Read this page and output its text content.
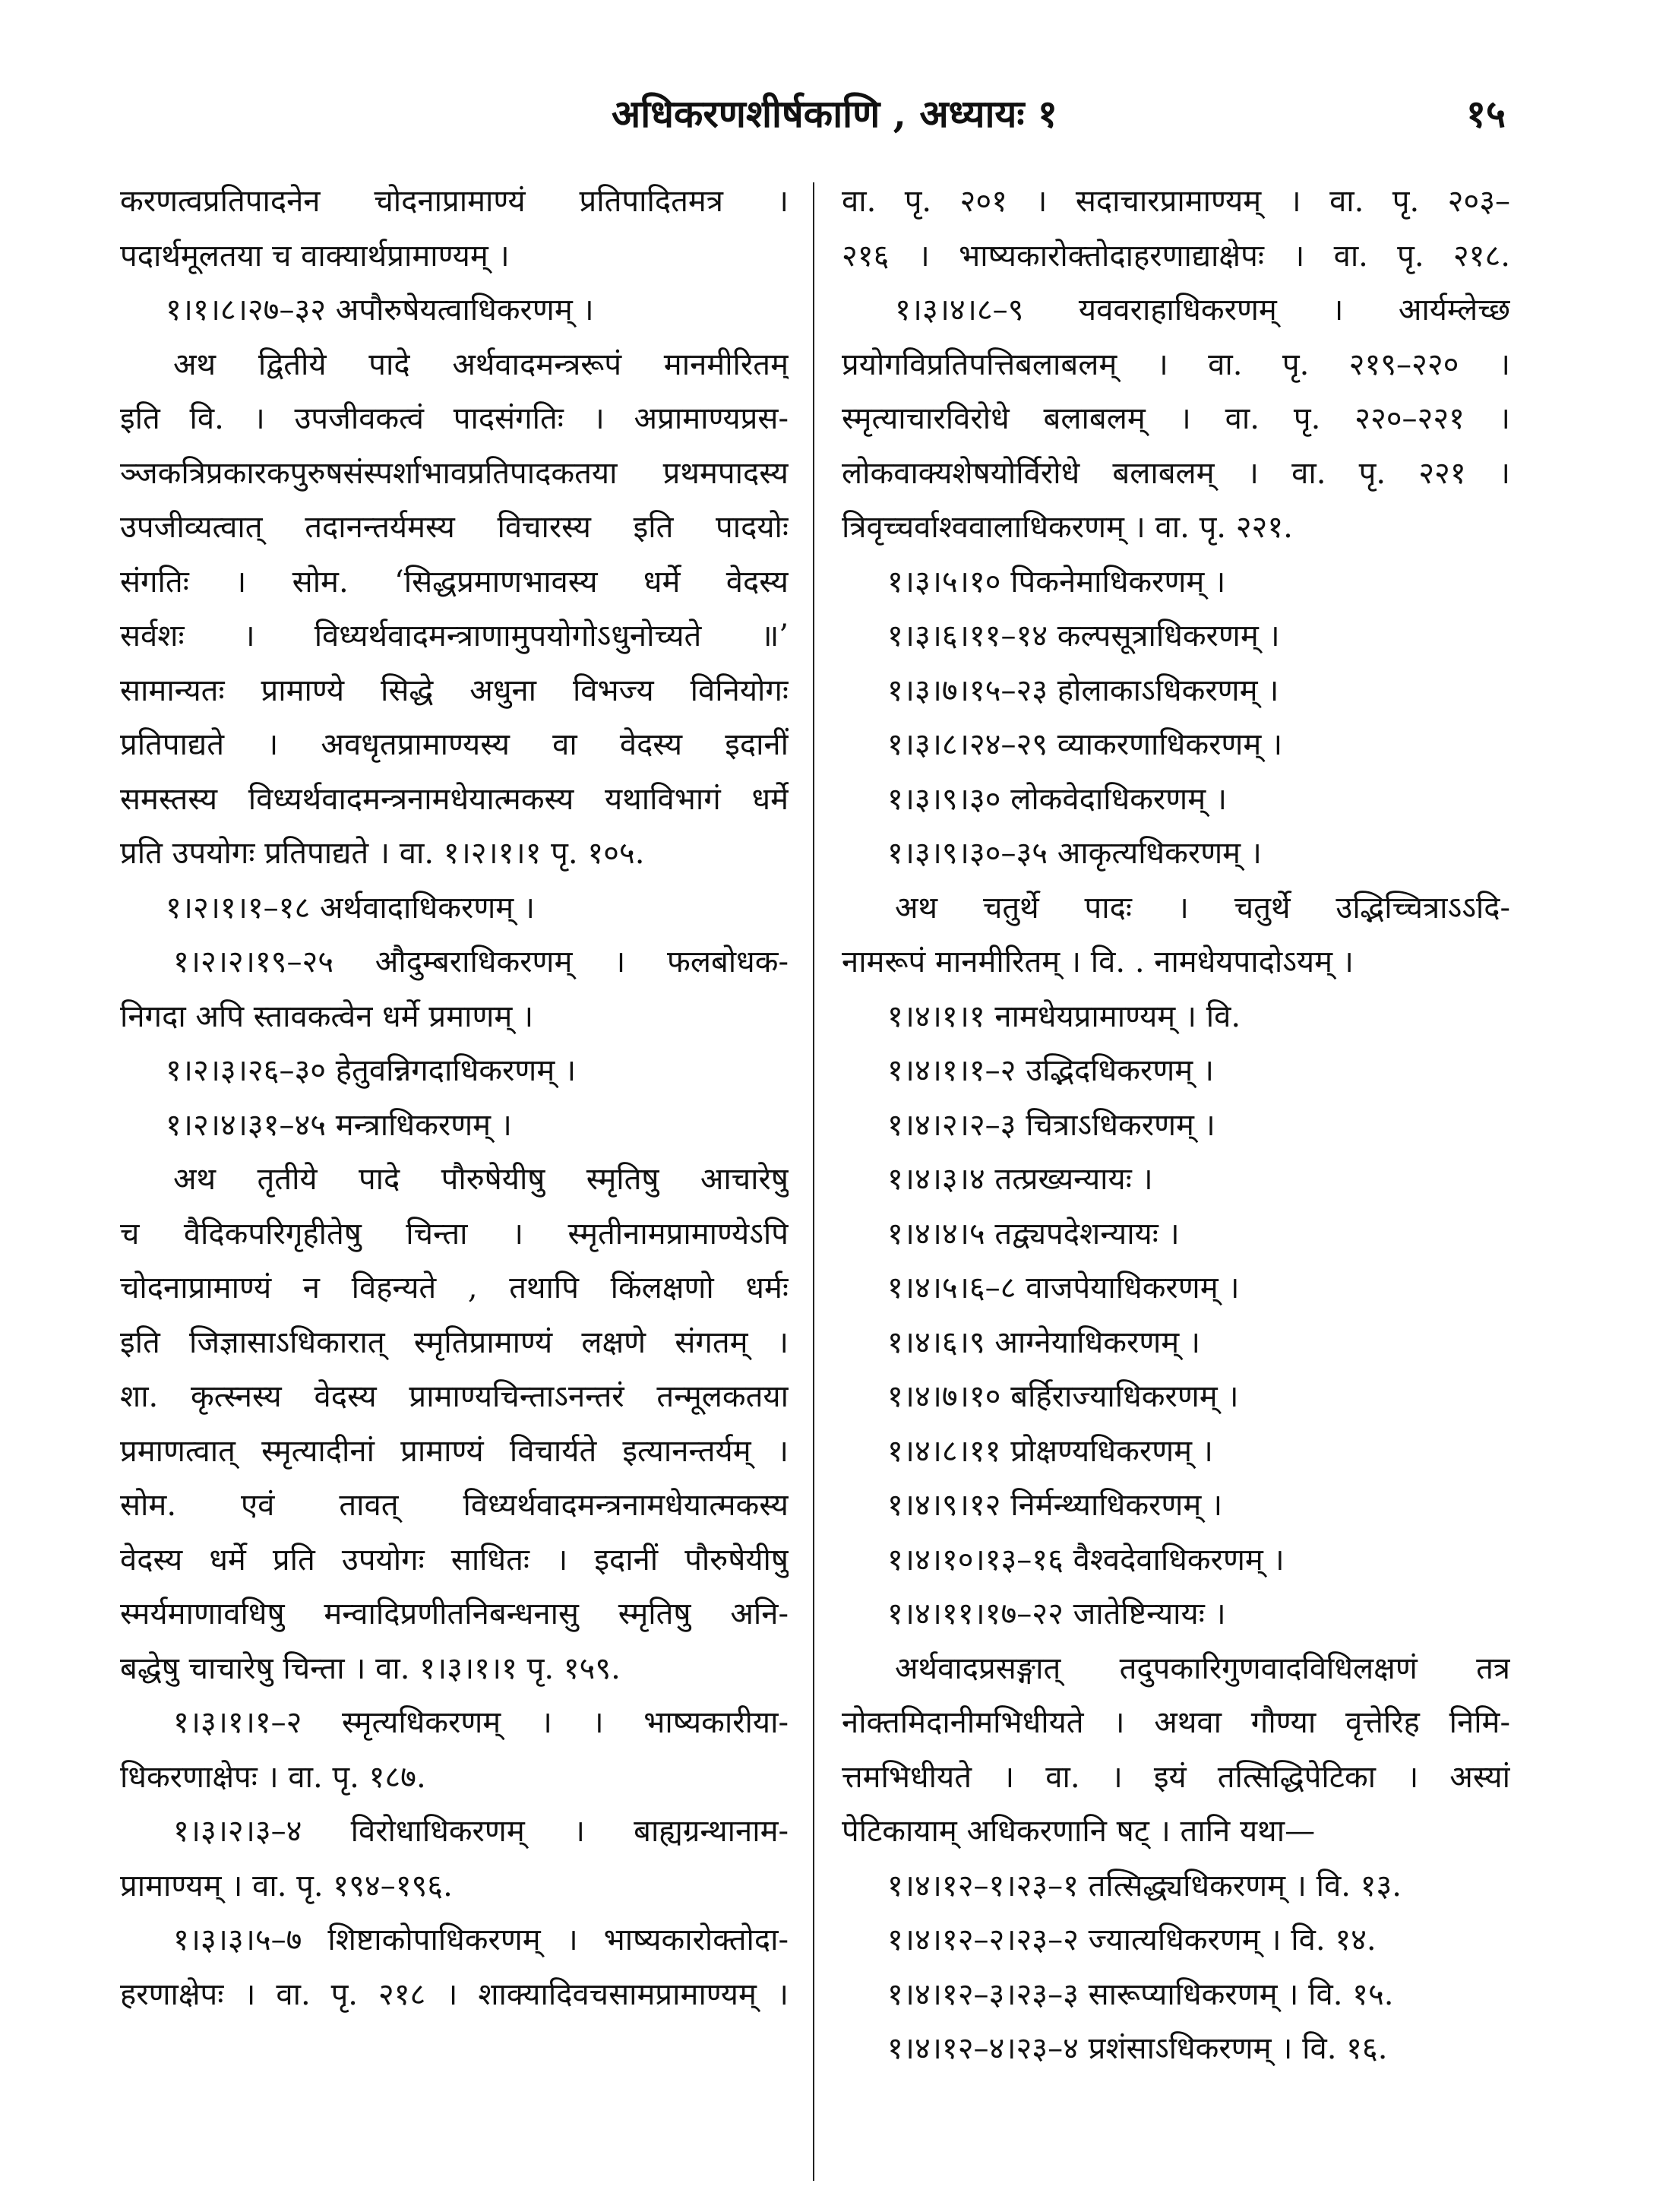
अधिकरणशीर्षकाणि , अध्यायः १	१५
करणत्वप्रतिपादनेन चोदनाप्रामाण्यं प्रतिपादितमत्र ।
पदार्थमूलतया च वाक्यार्थप्रामाण्यम् ।
१।१।८।२७–३२ अपौरुषेयत्वाधिकरणम् ।
अथ द्वितीये पादे अर्थवादमन्त्ररूपं मानमीरितम्
इति वि. । उपजीवकत्वं पादसंगतिः । अप्रामाण्यप्रस-
ञ्जकत्रिप्रकारकपुरुषसंस्पर्शाभावप्रतिपादकतया प्रथमपादस्य
उपजीव्यत्वात् तदानन्तर्यमस्य विचारस्य इति पादयोः
संगतिः । सोम. ‘सिद्धप्रमाणभावस्य धर्मे वेदस्य
सर्वशः । विध्यर्थवादमन्त्राणामुपयोगोऽधुनोच्यते ॥’
सामान्यतः प्रामाण्ये सिद्धे अधुना विभज्य विनियोगः
प्रतिपाद्यते । अवधृतप्रामाण्यस्य वा वेदस्य इदानीं
समस्तस्य विध्यर्थवादमन्त्रनामधेयात्मकस्य यथाविभागं धर्मे
प्रति उपयोगः प्रतिपाद्यते । वा. १।२।१।१ पृ. १०५.
१।२।१।१–१८ अर्थवादाधिकरणम् ।
१।२।२।१९–२५ औदुम्बराधिकरणम् । फलबोधक-
निगदा अपि स्तावकत्वेन धर्मे प्रमाणम् ।
१।२।३।२६–३० हेतुवन्निगदाधिकरणम् ।
१।२।४।३१–४५ मन्त्राधिकरणम् ।
अथ तृतीये पादे पौरुषेयीषु स्मृतिषु आचारेषु
च वैदिकपरिगृहीतेषु चिन्ता । स्मृतीनामप्रामाण्येऽपि
चोदनाप्रामाण्यं न विहन्यते , तथापि किंलक्षणो धर्मः
इति जिज्ञासाऽधिकारात् स्मृतिप्रामाण्यं लक्षणे संगतम् ।
शा. कृत्स्नस्य वेदस्य प्रामाण्यचिन्ताऽनन्तरं तन्मूलकतया
प्रमाणत्वात् स्मृत्यादीनां प्रामाण्यं विचार्यते इत्यानन्तर्यम् ।
सोम. एवं तावत् विध्यर्थवादमन्त्रनामधेयात्मकस्य
वेदस्य धर्मे प्रति उपयोगः साधितः । इदानीं पौरुषेयीषु
स्मर्यमाणावधिषु मन्वादिप्रणीतनिबन्धनासु स्मृतिषु अनि-
बद्धेषु चाचारेषु चिन्ता । वा. १।३।१।१ पृ. १५९.
१।३।१।१–२ स्मृत्यधिकरणम् । । भाष्यकारीया-
धिकरणाक्षेपः । वा. पृ. १८७.
१।३।२।३–४ विरोधाधिकरणम् । बाह्यग्रन्थानाम-
प्रामाण्यम् । वा. पृ. १९४–१९६.
१।३।३।५–७ शिष्टाकोपाधिकरणम् । भाष्यकारोक्तोदा-
हरणाक्षेपः । वा. पृ. २१८ । शाक्यादिवचसामप्रामाण्यम् ।
वा. पृ. २०१ । सदाचारप्रामाण्यम् । वा. पृ. २०३–
२१६ । भाष्यकारोक्तोदाहरणाद्याक्षेपः । वा. पृ. २१८.
१।३।४।८–९ यववराहाधिकरणम् । आर्यम्लेच्छ
प्रयोगविप्रतिपत्तिबलाबलम् । वा. पृ. २१९–२२० ।
स्मृत्याचारविरोधे बलाबलम् । वा. पृ. २२०–२२१ ।
लोकवाक्यशेषयोर्विरोधे बलाबलम् । वा. पृ. २२१ ।
त्रिवृच्चर्वाश्ववालाधिकरणम् । वा. पृ. २२१.
१।३।५।१० पिकनेमाधिकरणम् ।
१।३।६।११–१४ कल्पसूत्राधिकरणम् ।
१।३।७।१५–२३ होलाकाऽधिकरणम् ।
१।३।८।२४–२९ व्याकरणाधिकरणम् ।
१।३।९।३० लोकवेदाधिकरणम् ।
१।३।९।३०–३५ आकृत्यधिकरणम् ।
अथ चतुर्थे पादः । चतुर्थे उद्भिच्चित्राऽऽदि-
नामरूपं मानमीरितम् । वि. . नामधेयपादोऽयम् ।
१।४।१।१ नामधेयप्रामाण्यम् । वि.
१।४।१।१–२ उद्भिदधिकरणम् ।
१।४।२।२–३ चित्राऽधिकरणम् ।
१।४।३।४ तत्प्रख्यन्यायः ।
१।४।४।५ तद्व्यपदेशन्यायः ।
१।४।५।६–८ वाजपेयाधिकरणम् ।
१।४।६।९ आग्नेयाधिकरणम् ।
१।४।७।१० बर्हिराज्याधिकरणम् ।
१।४।८।११ प्रोक्षण्यधिकरणम् ।
१।४।९।१२ निर्मन्थ्याधिकरणम् ।
१।४।१०।१३–१६ वैश्वदेवाधिकरणम् ।
१।४।११।१७–२२ जातेष्टिन्यायः ।
अर्थवादप्रसङ्गात् तदुपकारिगुणवादविधिलक्षणं तत्र
नोक्तमिदानीमभिधीयते । अथवा गौण्या वृत्तेरिह निमि-
त्तमभिधीयते । वा. । इयं तत्सिद्धिपेटिका । अस्यां
पेटिकायाम् अधिकरणानि षट् । तानि यथा—
१।४।१२–१।२३–१ तत्सिद्ध्यधिकरणम् । वि. १३.
१।४।१२–२।२३–२ ज्यात्यधिकरणम् । वि. १४.
१।४।१२–३।२३–३ सारूप्याधिकरणम् । वि. १५.
१।४।१२–४।२३–४ प्रशंसाऽधिकरणम् । वि. १६.
